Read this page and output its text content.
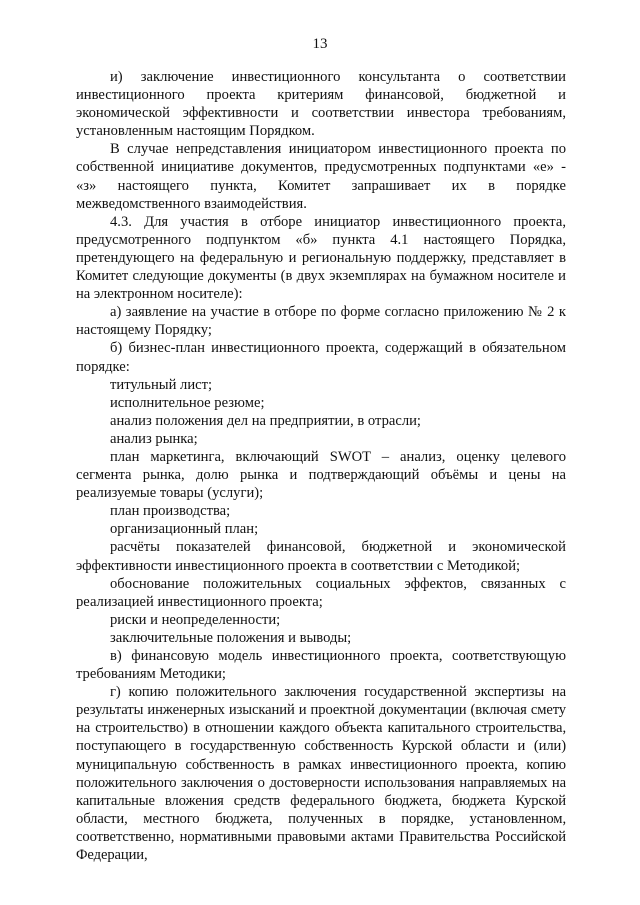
13

и) заключение инвестиционного консультанта о соответствии инвестиционного проекта критериям финансовой, бюджетной и экономической эффективности и соответствии инвестора требованиям, установленным настоящим Порядком.

В случае непредставления инициатором инвестиционного проекта по собственной инициативе документов, предусмотренных подпунктами «е» - «з» настоящего пункта, Комитет запрашивает их в порядке межведомственного взаимодействия.

4.3. Для участия в отборе инициатор инвестиционного проекта, предусмотренного подпунктом «б» пункта 4.1 настоящего Порядка, претендующего на федеральную и региональную поддержку, представляет в Комитет следующие документы (в двух экземплярах на бумажном носителе и на электронном носителе):

а) заявление на участие в отборе по форме согласно приложению № 2 к настоящему Порядку;

б) бизнес-план инвестиционного проекта, содержащий в обязательном порядке:

титульный лист;

исполнительное резюме;

анализ положения дел на предприятии, в отрасли;

анализ рынка;

план маркетинга, включающий SWOT – анализ, оценку целевого сегмента рынка, долю рынка и подтверждающий объёмы и цены на реализуемые товары (услуги);

план производства;

организационный план;

расчёты показателей финансовой, бюджетной и экономической эффективности инвестиционного проекта в соответствии с Методикой;

обоснование положительных социальных эффектов, связанных с реализацией инвестиционного проекта;

риски и неопределенности;

заключительные положения и выводы;

в) финансовую модель инвестиционного проекта, соответствующую требованиям Методики;

г) копию положительного заключения государственной экспертизы на результаты инженерных изысканий и проектной документации (включая смету на строительство) в отношении каждого объекта капитального строительства, поступающего в государственную собственность Курской области и (или) муниципальную собственность в рамках инвестиционного проекта, копию положительного заключения о достоверности использования направляемых на капитальные вложения средств федерального бюджета, бюджета Курской области, местного бюджета, полученных в порядке, установленном, соответственно, нормативными правовыми актами Правительства Российской Федерации,
